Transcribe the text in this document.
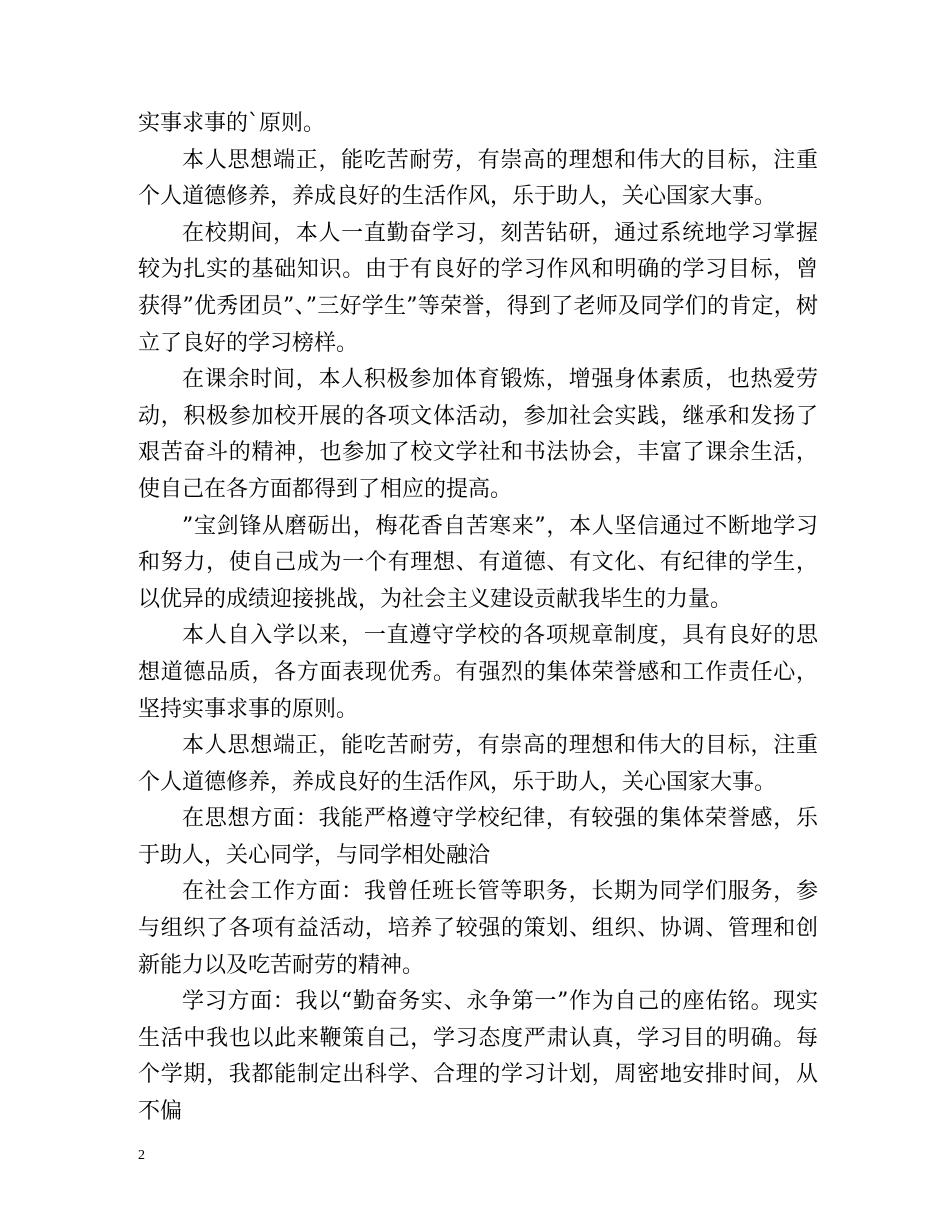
实事求事的`原则。

本人思想端正，能吃苦耐劳，有崇高的理想和伟大的目标，注重个人道德修养，养成良好的生活作风，乐于助人，关心国家大事。

在校期间，本人一直勤奋学习，刻苦钻研，通过系统地学习掌握较为扎实的基础知识。由于有良好的学习作风和明确的学习目标，曾获得”优秀团员”、”三好学生”等荣誉，得到了老师及同学们的肯定，树立了良好的学习榜样。

在课余时间，本人积极参加体育锻炼，增强身体素质，也热爱劳动，积极参加校开展的各项文体活动，参加社会实践，继承和发扬了艰苦奋斗的精神，也参加了校文学社和书法协会，丰富了课余生活，使自己在各方面都得到了相应的提高。

”宝剑锋从磨砺出，梅花香自苦寒来”，本人坚信通过不断地学习和努力，使自己成为一个有理想、有道德、有文化、有纪律的学生，以优异的成绩迎接挑战，为社会主义建设贡献我毕生的力量。

本人自入学以来，一直遵守学校的各项规章制度，具有良好的思想道德品质，各方面表现优秀。有强烈的集体荣誉感和工作责任心，坚持实事求事的原则。

本人思想端正，能吃苦耐劳，有崇高的理想和伟大的目标，注重个人道德修养，养成良好的生活作风，乐于助人，关心国家大事。

在思想方面：我能严格遵守学校纪律，有较强的集体荣誉感，乐于助人，关心同学，与同学相处融洽

在社会工作方面：我曾任班长管等职务，长期为同学们服务，参与组织了各项有益活动，培养了较强的策划、组织、协调、管理和创新能力以及吃苦耐劳的精神。

学习方面：我以“勤奋务实、永争第一”作为自己的座佑铭。现实生活中我也以此来鞭策自己，学习态度严肃认真，学习目的明确。每个学期，我都能制定出科学、合理的学习计划，周密地安排时间，从不偏

2
